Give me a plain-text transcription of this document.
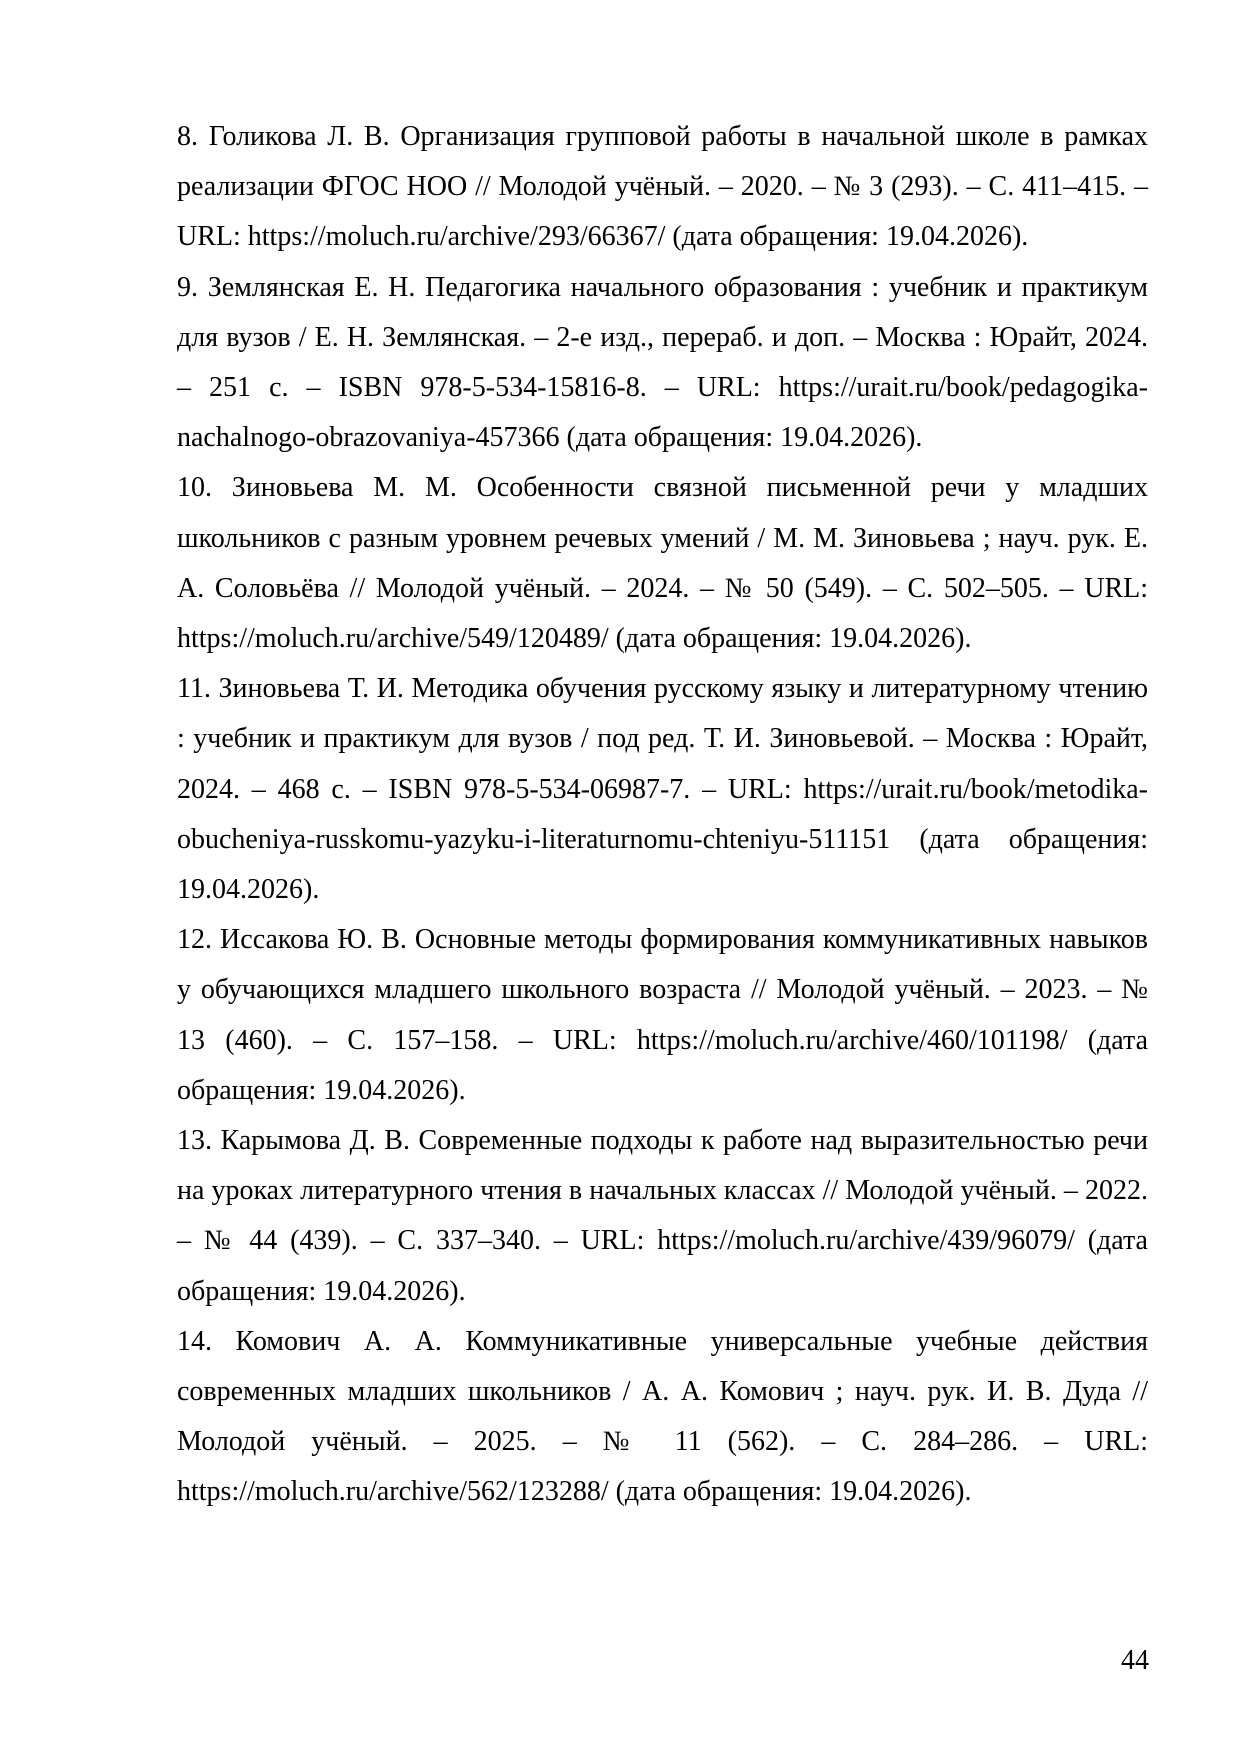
8. Голикова Л. В. Организация групповой работы в начальной школе в рамках реализации ФГОС НОО // Молодой учёный. – 2020. – № 3 (293). – С. 411–415. – URL: https://moluch.ru/archive/293/66367/ (дата обращения: 19.04.2026).

9. Землянская Е. Н. Педагогика начального образования : учебник и практикум для вузов / Е. Н. Землянская. – 2-е изд., перераб. и доп. – Москва : Юрайт, 2024. – 251 с. – ISBN 978-5-534-15816-8. – URL: https://urait.ru/book/pedagogika-nachalnogo-obrazovaniya-457366 (дата обращения: 19.04.2026).

10. Зиновьева М. М. Особенности связной письменной речи у младших школьников с разным уровнем речевых умений / М. М. Зиновьева ; науч. рук. Е. А. Соловьёва // Молодой учёный. – 2024. – № 50 (549). – С. 502–505. – URL: https://moluch.ru/archive/549/120489/ (дата обращения: 19.04.2026).

11. Зиновьева Т. И. Методика обучения русскому языку и литературному чтению : учебник и практикум для вузов / под ред. Т. И. Зиновьевой. – Москва : Юрайт, 2024. – 468 с. – ISBN 978-5-534-06987-7. – URL: https://urait.ru/book/metodika-obucheniya-russkomu-yazyku-i-literaturnomu-chteniyu-511151 (дата обращения: 19.04.2026).

12. Иссакова Ю. В. Основные методы формирования коммуникативных навыков у обучающихся младшего школьного возраста // Молодой учёный. – 2023. – № 13 (460). – С. 157–158. – URL: https://moluch.ru/archive/460/101198/ (дата обращения: 19.04.2026).

13. Карымова Д. В. Современные подходы к работе над выразительностью речи на уроках литературного чтения в начальных классах // Молодой учёный. – 2022. – № 44 (439). – С. 337–340. – URL: https://moluch.ru/archive/439/96079/ (дата обращения: 19.04.2026).

14. Комович А. А. Коммуникативные универсальные учебные действия современных младших школьников / А. А. Комович ; науч. рук. И. В. Дуда // Молодой учёный. – 2025. – № 11 (562). – С. 284–286. – URL: https://moluch.ru/archive/562/123288/ (дата обращения: 19.04.2026).

44
